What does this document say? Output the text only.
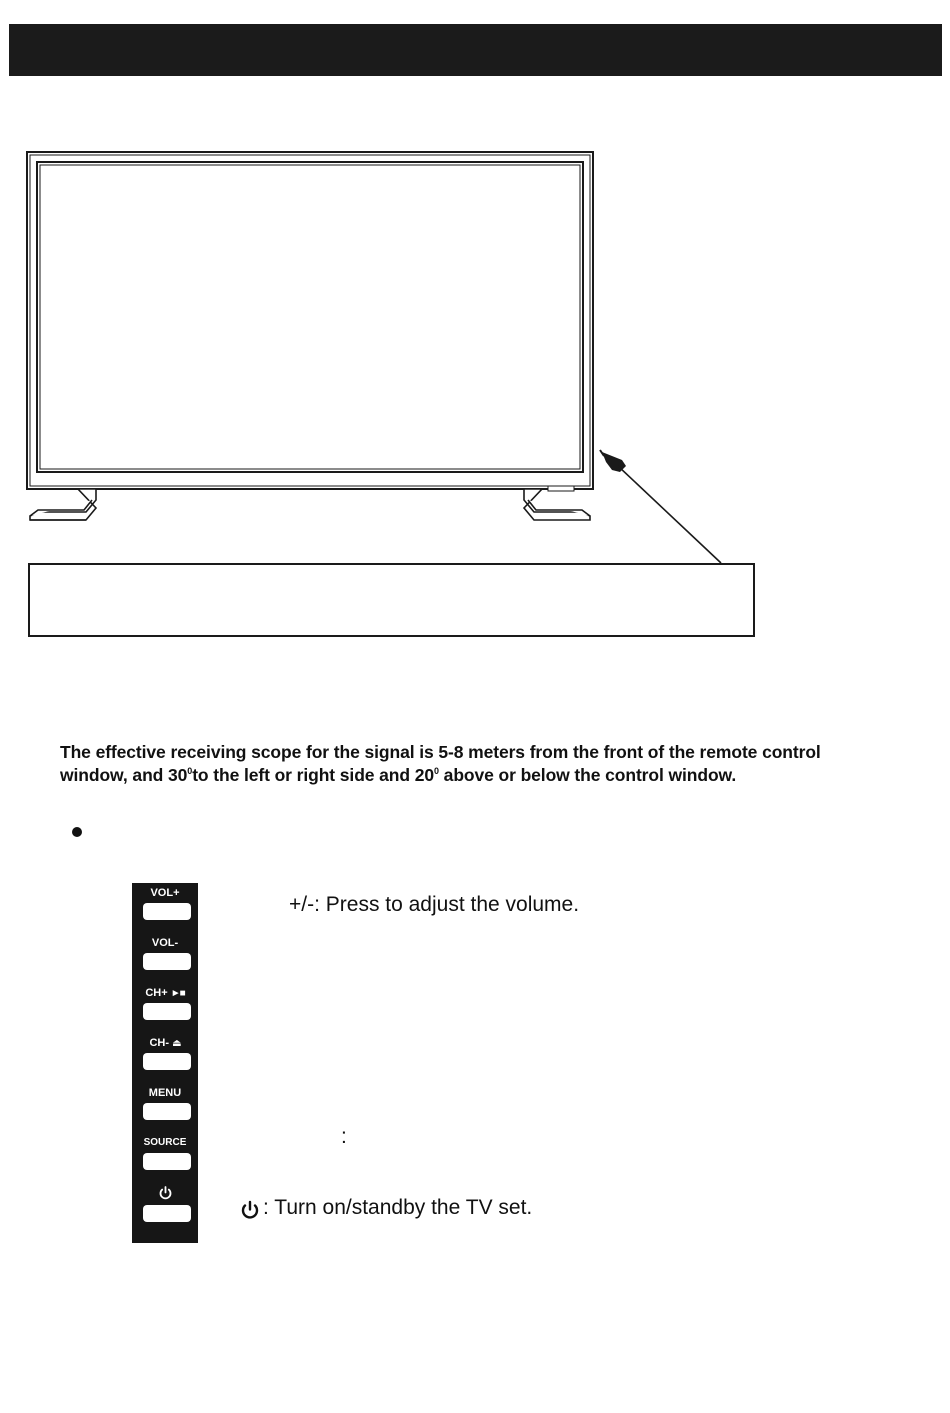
The effective receiving scope for the signal is 5-8 meters from the front of the remote control window, and $30^0to$ the left or right side and $20^0$ above or below the control window.

VOL+
VOL-
CH+ ►■
CH- ⏏
MENU
SOURCE
+/-: Press to adjust the volume.
:
: Turn on/standby the TV set.
